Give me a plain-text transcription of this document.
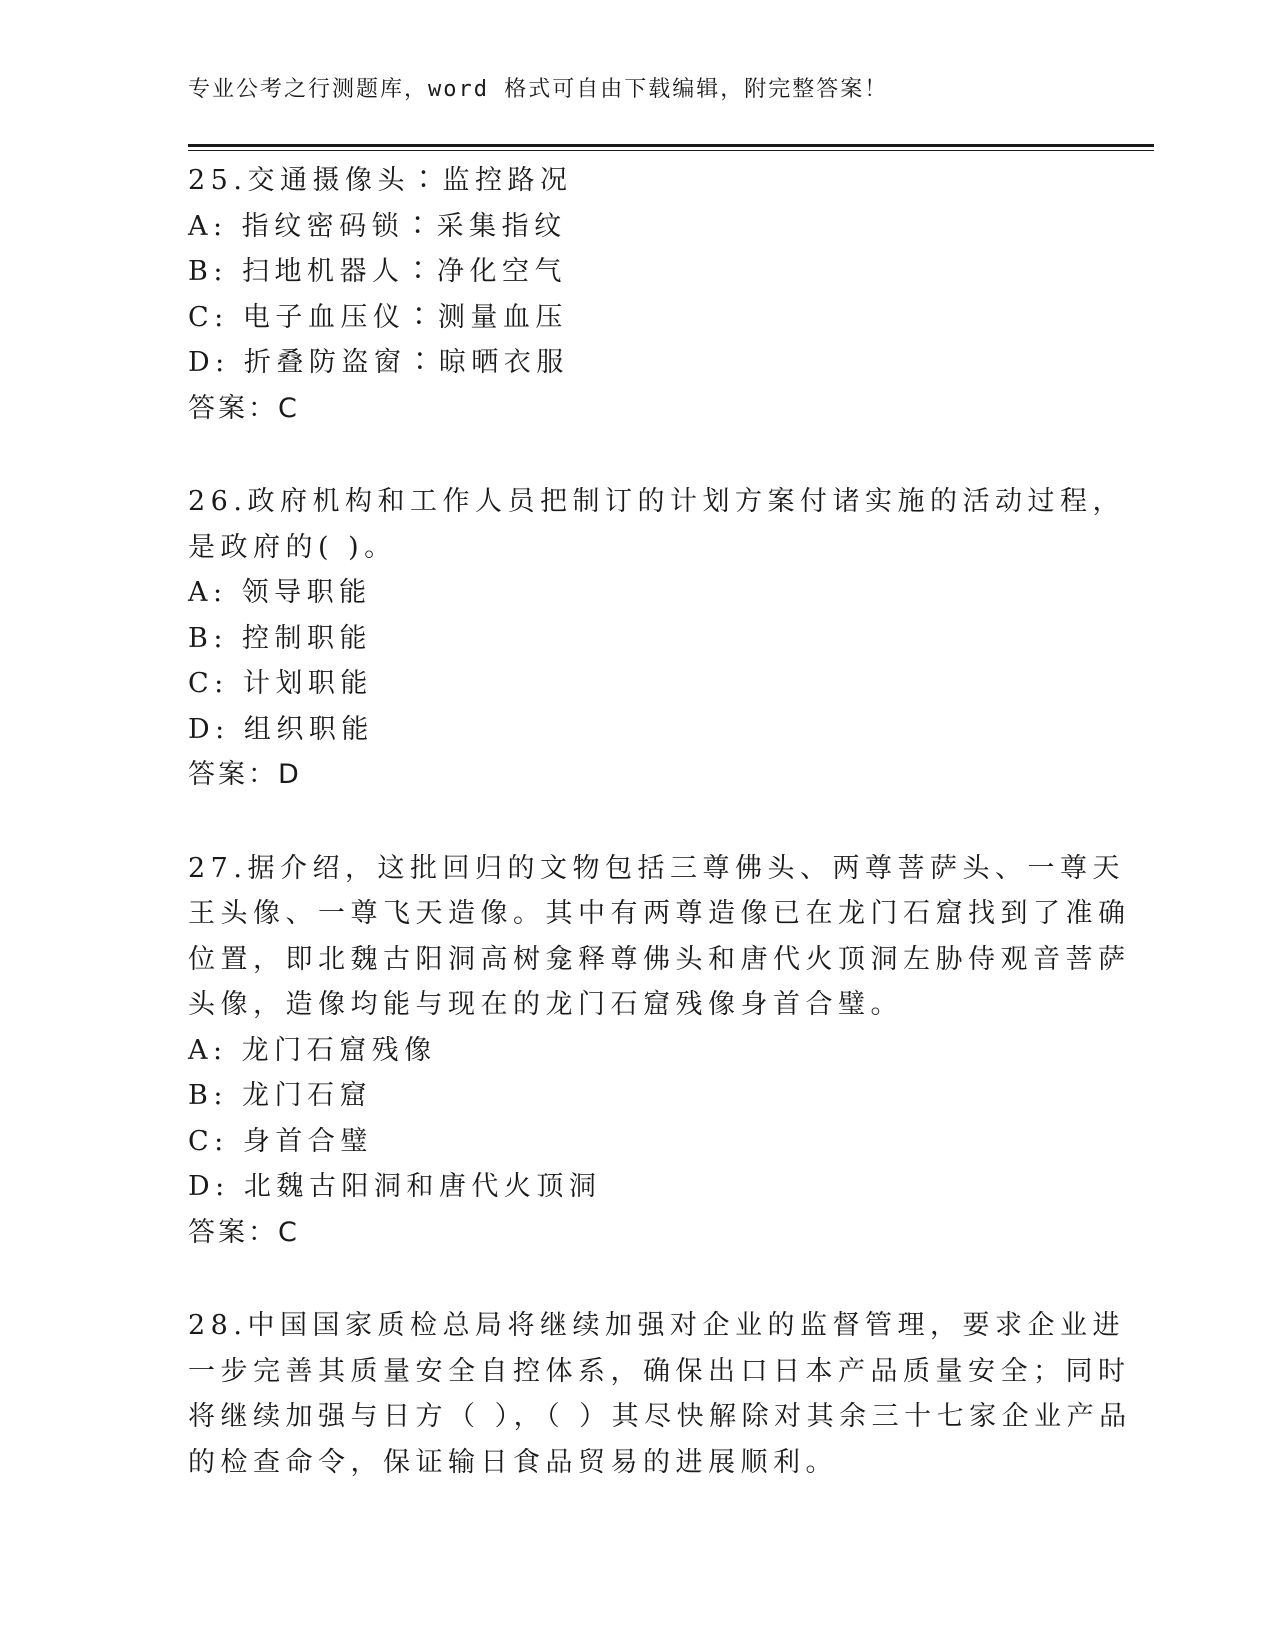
专业公考之行测题库，word 格式可自由下载编辑，附完整答案！
25.交通摄像头∶监控路况
A: 指纹密码锁∶采集指纹
B: 扫地机器人∶净化空气
C: 电子血压仪∶测量血压
D: 折叠防盗窗∶晾晒衣服
答案：C
26.政府机构和工作人员把制订的计划方案付诸实施的活动过程，是政府的( )。
A: 领导职能
B: 控制职能
C: 计划职能
D: 组织职能
答案：D
27.据介绍，这批回归的文物包括三尊佛头、两尊菩萨头、一尊天王头像、一尊飞天造像。其中有两尊造像已在龙门石窟找到了准确位置，即北魏古阳洞高树龛释尊佛头和唐代火顶洞左胁侍观音菩萨头像，造像均能与现在的龙门石窟残像身首合璧。
A: 龙门石窟残像
B: 龙门石窟
C: 身首合璧
D: 北魏古阳洞和唐代火顶洞
答案：C
28.中国国家质检总局将继续加强对企业的监督管理，要求企业进一步完善其质量安全自控体系，确保出口日本产品质量安全；同时将继续加强与日方（ ），（ ）其尽快解除对其余三十七家企业产品的检查命令，保证输日食品贸易的进展顺利。
